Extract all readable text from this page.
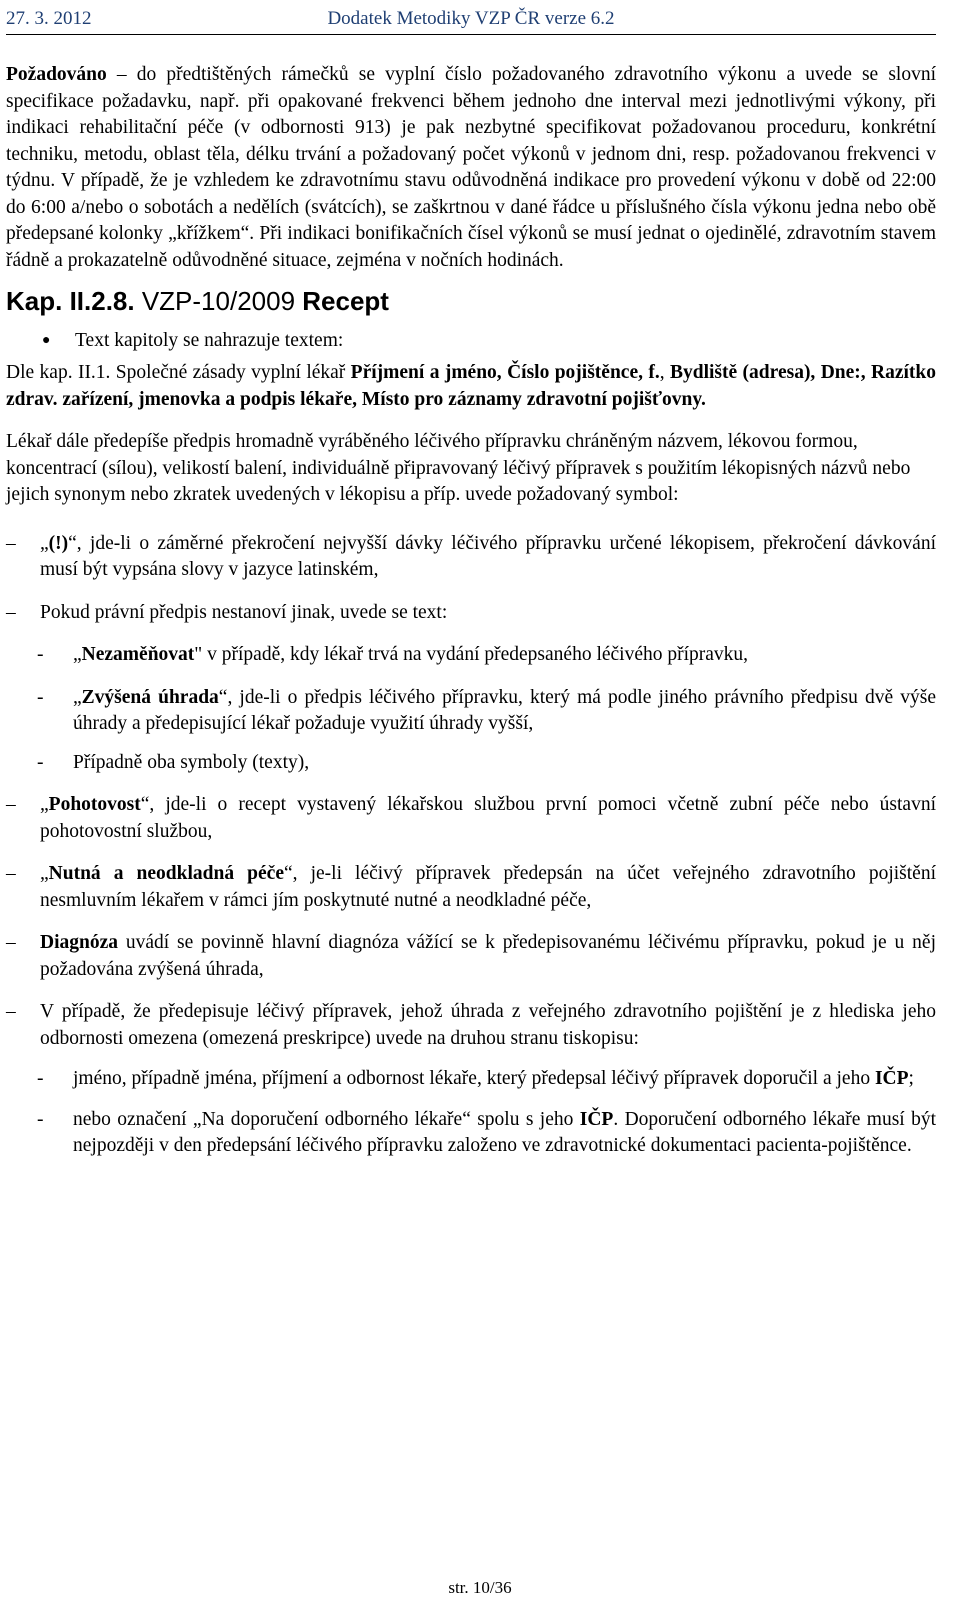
27. 3. 2012	Dodatek Metodiky VZP ČR verze 6.2

Požadováno – do předtištěných rámečků se vyplní číslo požadovaného zdravotního výkonu a uvede se slovní specifikace požadavku, např. při opakované frekvenci během jednoho dne interval mezi jednotlivými výkony, při indikaci rehabilitační péče (v odbornosti 913) je pak nezbytné specifikovat požadovanou proceduru, konkrétní techniku, metodu, oblast těla, délku trvání a požadovaný počet výkonů v jednom dni, resp. požadovanou frekvenci v týdnu. V případě, že je vzhledem ke zdravotnímu stavu odůvodněná indikace pro provedení výkonu v době od 22:00 do 6:00 a/nebo o sobotách a nedělích (svátcích), se zaškrtnou v dané řádce u příslušného čísla výkonu jedna nebo obě předepsané kolonky „křížkem“. Při indikaci bonifikačních čísel výkonů se musí jednat o ojedinělé, zdravotním stavem řádně a prokazatelně odůvodněné situace, zejména v nočních hodinách.

Kap. II.2.8. VZP-10/2009 Recept
●	Text kapitoly se nahrazuje textem:

Dle kap. II.1. Společné zásady vyplní lékař Příjmení a jméno, Číslo pojištěnce, f., Bydliště (adresa), Dne:, Razítko zdrav. zařízení, jmenovka a podpis lékaře, Místo pro záznamy zdravotní pojišťovny.

Lékař dále předepíše předpis hromadně vyráběného léčivého přípravku chráněným názvem, lékovou formou, koncentrací (sílou), velikostí balení, individuálně připravovaný léčivý přípravek s použitím lékopisných názvů nebo jejich synonym nebo zkratek uvedených v lékopisu a příp. uvede požadovaný symbol:

–	„(!)“, jde-li o záměrné překročení nejvyšší dávky léčivého přípravku určené lékopisem, překročení dávkování musí být vypsána slovy v jazyce latinském,
–	Pokud právní předpis nestanoví jinak, uvede se text:
-	„Nezaměňovat" v případě, kdy lékař trvá na vydání předepsaného léčivého přípravku,
-	„Zvýšená úhrada“, jde-li o předpis léčivého přípravku, který má podle jiného právního předpisu dvě výše úhrady a předepisující lékař požaduje využití úhrady vyšší,
-	Případně oba symboly (texty),
–	„Pohotovost“, jde-li o recept vystavený lékařskou službou první pomoci včetně zubní péče nebo ústavní pohotovostní službou,
–	„Nutná a neodkladná péče“, je-li léčivý přípravek předepsán na účet veřejného zdravotního pojištění nesmluvním lékařem v rámci jím poskytnuté nutné a neodkladné péče,
–	Diagnóza uvádí se povinně hlavní diagnóza vážící se k předepisovanému léčivému přípravku, pokud je u něj požadována zvýšená úhrada,
–	V případě, že předepisuje léčivý přípravek, jehož úhrada z veřejného zdravotního pojištění je z hlediska jeho odbornosti omezena (omezená preskripce) uvede na druhou stranu tiskopisu:
-	jméno, případně jména, příjmení a odbornost lékaře, který předepsal léčivý přípravek doporučil a jeho IČP;
-	nebo označení „Na doporučení odborného lékaře“ spolu s jeho IČP. Doporučení odborného lékaře musí být nejpozději v den předepsání léčivého přípravku založeno ve zdravotnické dokumentaci pacienta-pojištěnce.
str. 10/36
